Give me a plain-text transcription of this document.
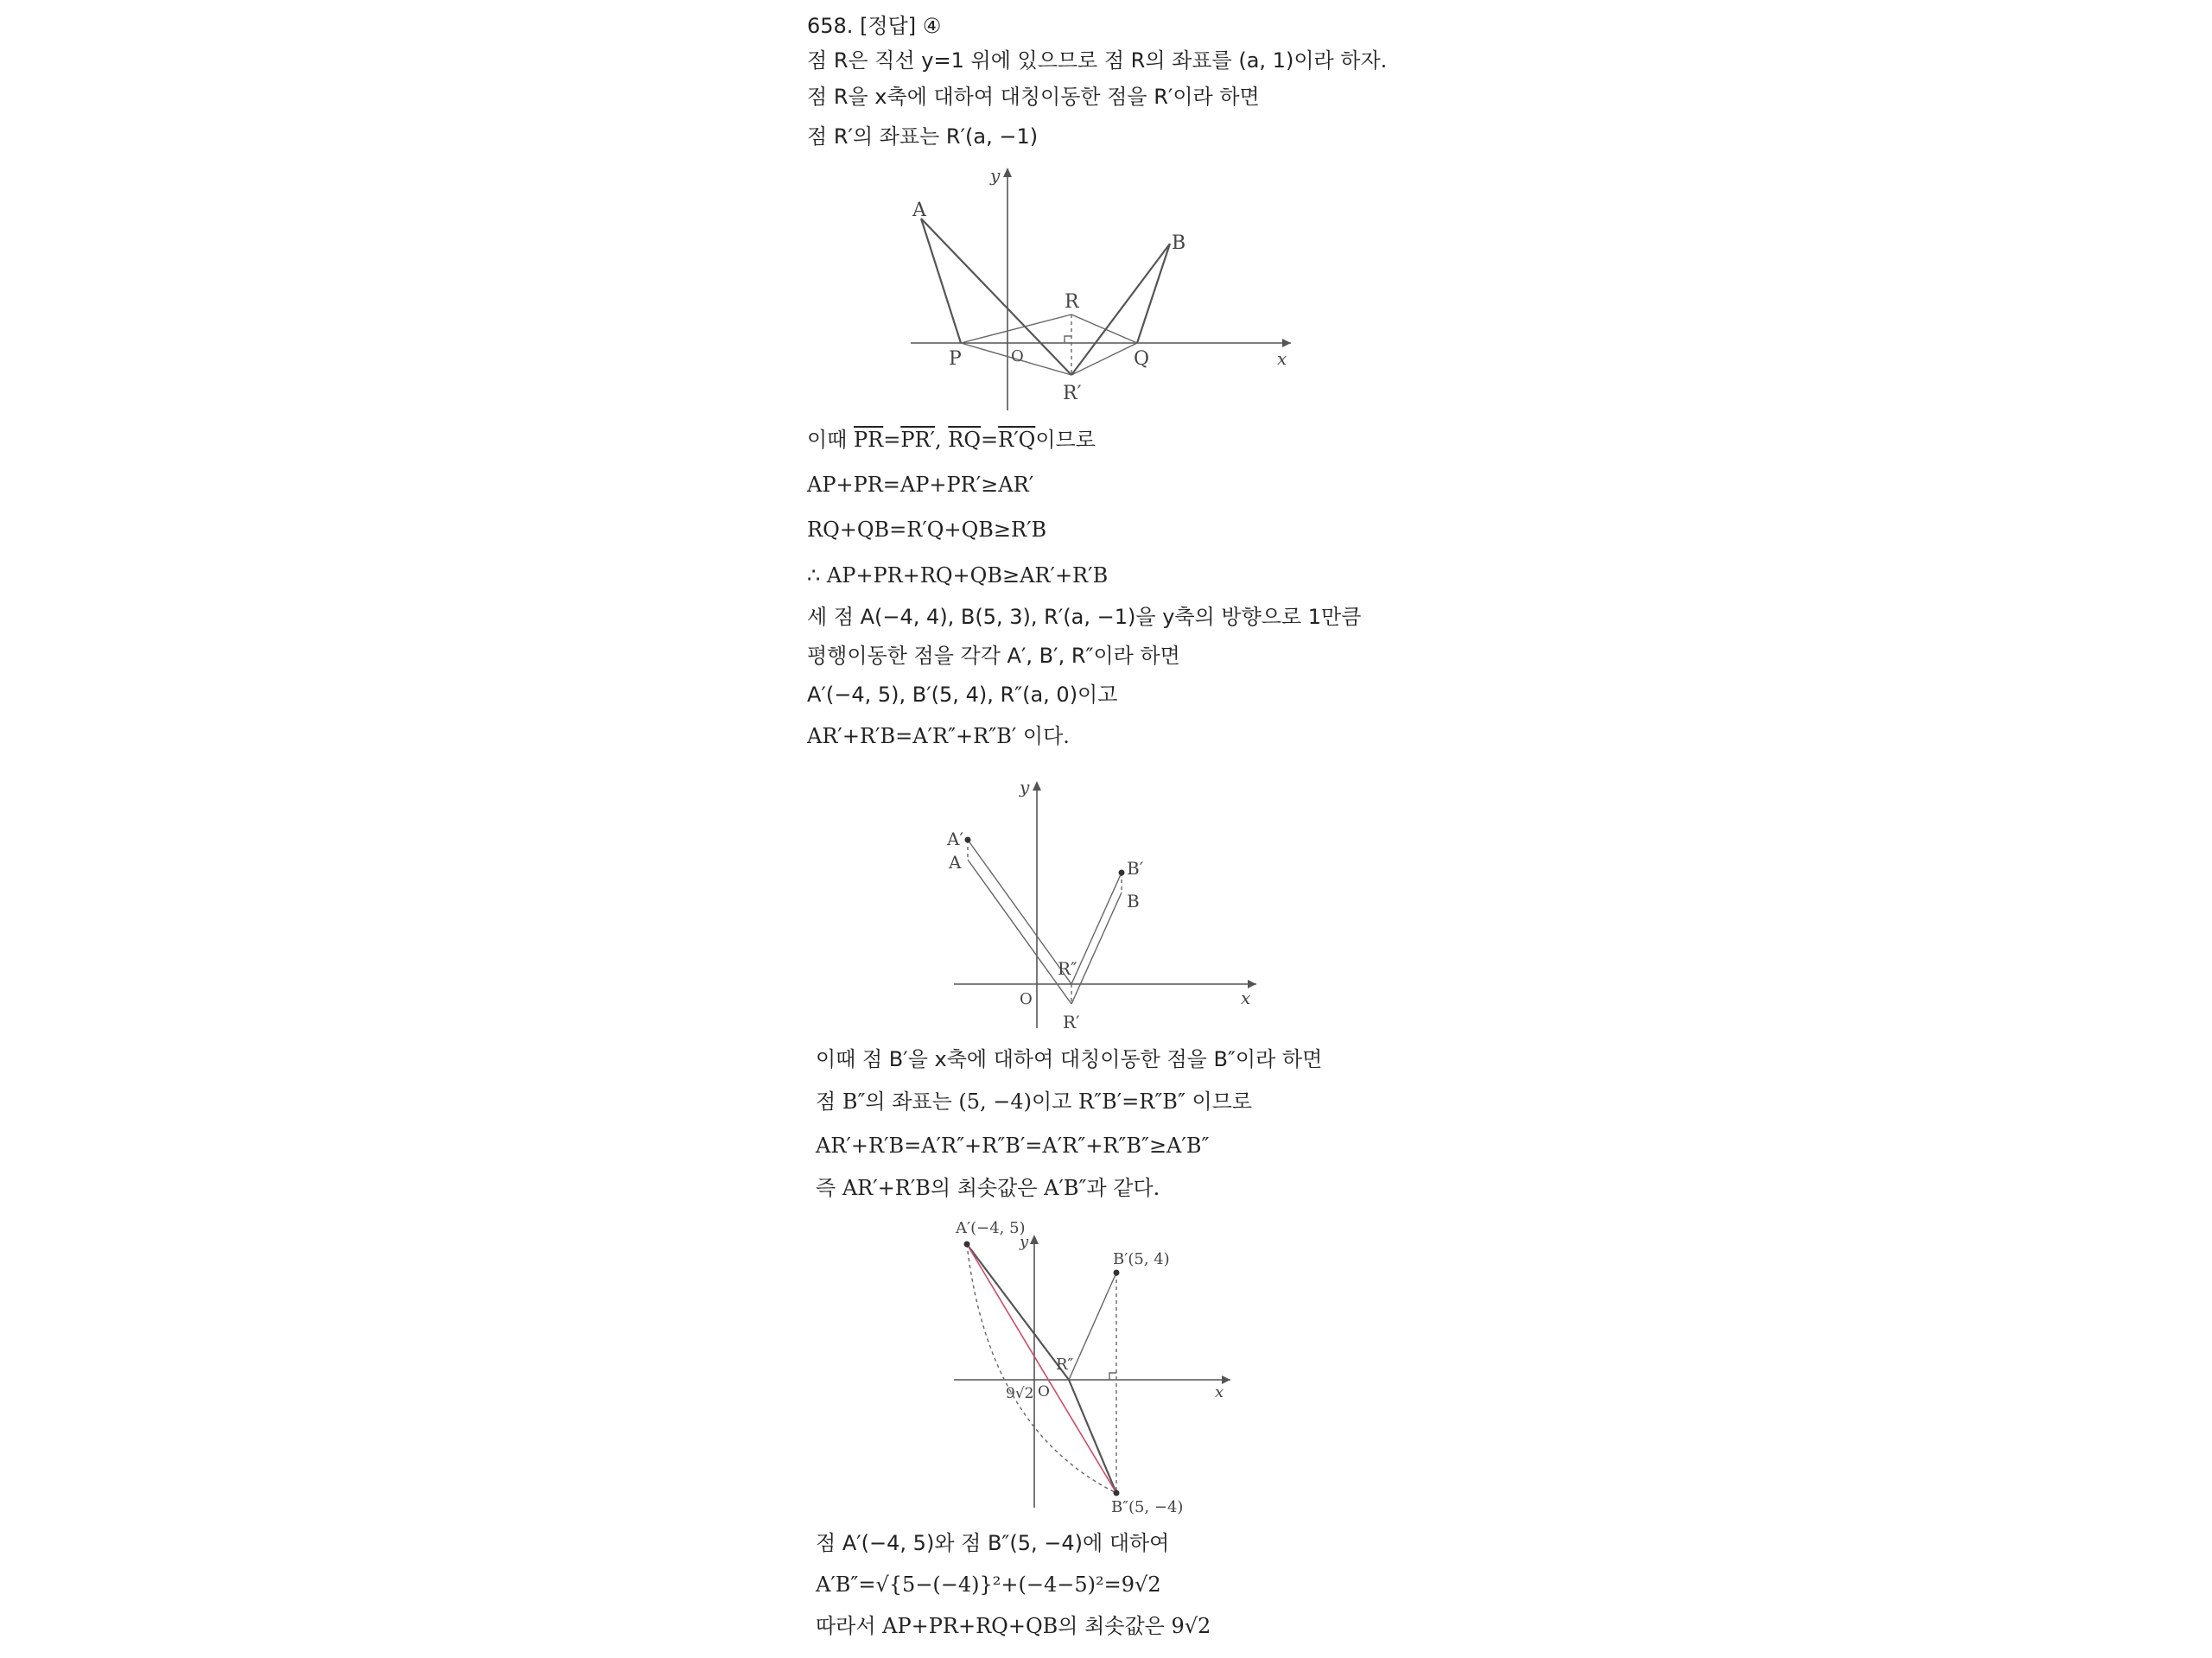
658. [정답] ④
점 R은 직선 y=1 위에 있으므로 점 R의 좌표를 (a, 1)이라 하자.
점 R을 x축에 대하여 대칭이동한 점을 R′이라 하면
점 R′의 좌표는 R′(a, −1)
A
B
R
R′
P	Q
O	x
y
이때 $\overline{PR}=PR'$, $\overline{RQ}=R'Q$이므로
AP+PR=AP+PR′≥AR′
RQ+QB=R′Q+QB≥R′B
∴ AP+PR+RQ+QB≥AR′+R′B
세 점 A(−4, 4), B(5, 3), R′(a, −1)을 y축의 방향으로 1만큼
평행이동한 점을 각각 A′, B′, R″이라 하면
A′(−4, 5), B′(5, 4), R″(a, 0)이고
AR′+R′B=A′R″+R″B′ 이다.
A′
A	B′
B
R″
R′
O	x
y
이때 점 B′을 x축에 대하여 대칭이동한 점을 B″이라 하면
점 B″의 좌표는 (5, −4)이고 R″B′=R″B″ 이므로
AR′+R′B=A′R″+R″B′=A′R″+R″B″≥A′B″
즉 AR′+R′B의 최솟값은 A′B″과 같다.
A′(−4, 5)
B′(5, 4)
B″(5, −4)
R″
O
9√2	x
y
점 A′(−4, 5)와 점 B″(5, −4)에 대하여
A′B″=√{5−(−4)}²+(−4−5)²=9√2
따라서 AP+PR+RQ+QB의 최솟값은 9√2
